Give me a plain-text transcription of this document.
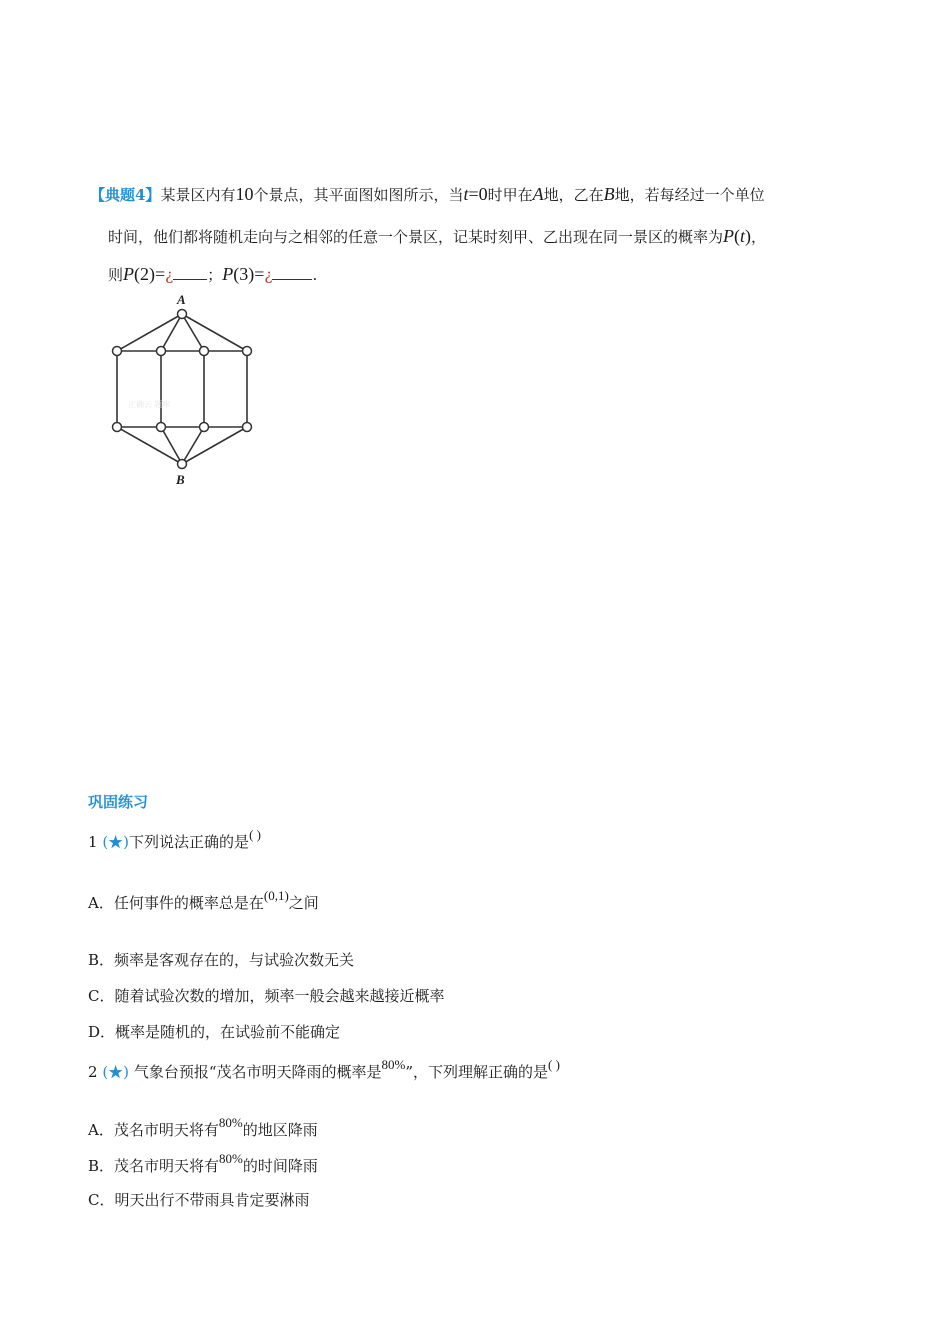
【典题4】某景区内有10个景点，其平面图如图所示，当t=0时甲在A地，乙在B地，若每经过一个单位
时间，他们都将随机走向与之相邻的任意一个景区，记某时刻甲、乙出现在同一景区的概率为P(t)，
则P(2)=¿ ；P(3)=¿	.
A
B
正确云 题库
巩固练习
1 (★)下列说法正确的是( )
A．任何事件的概率总是在(0,1)之间
B．频率是客观存在的，与试验次数无关
C．随着试验次数的增加，频率一般会越来越接近概率
D．概率是随机的，在试验前不能确定
2 (★) 气象台预报“茂名市明天降雨的概率是80%”，下列理解正确的是( )
A．茂名市明天将有80%的地区降雨
B．茂名市明天将有80%的时间降雨
C．明天出行不带雨具肯定要淋雨
